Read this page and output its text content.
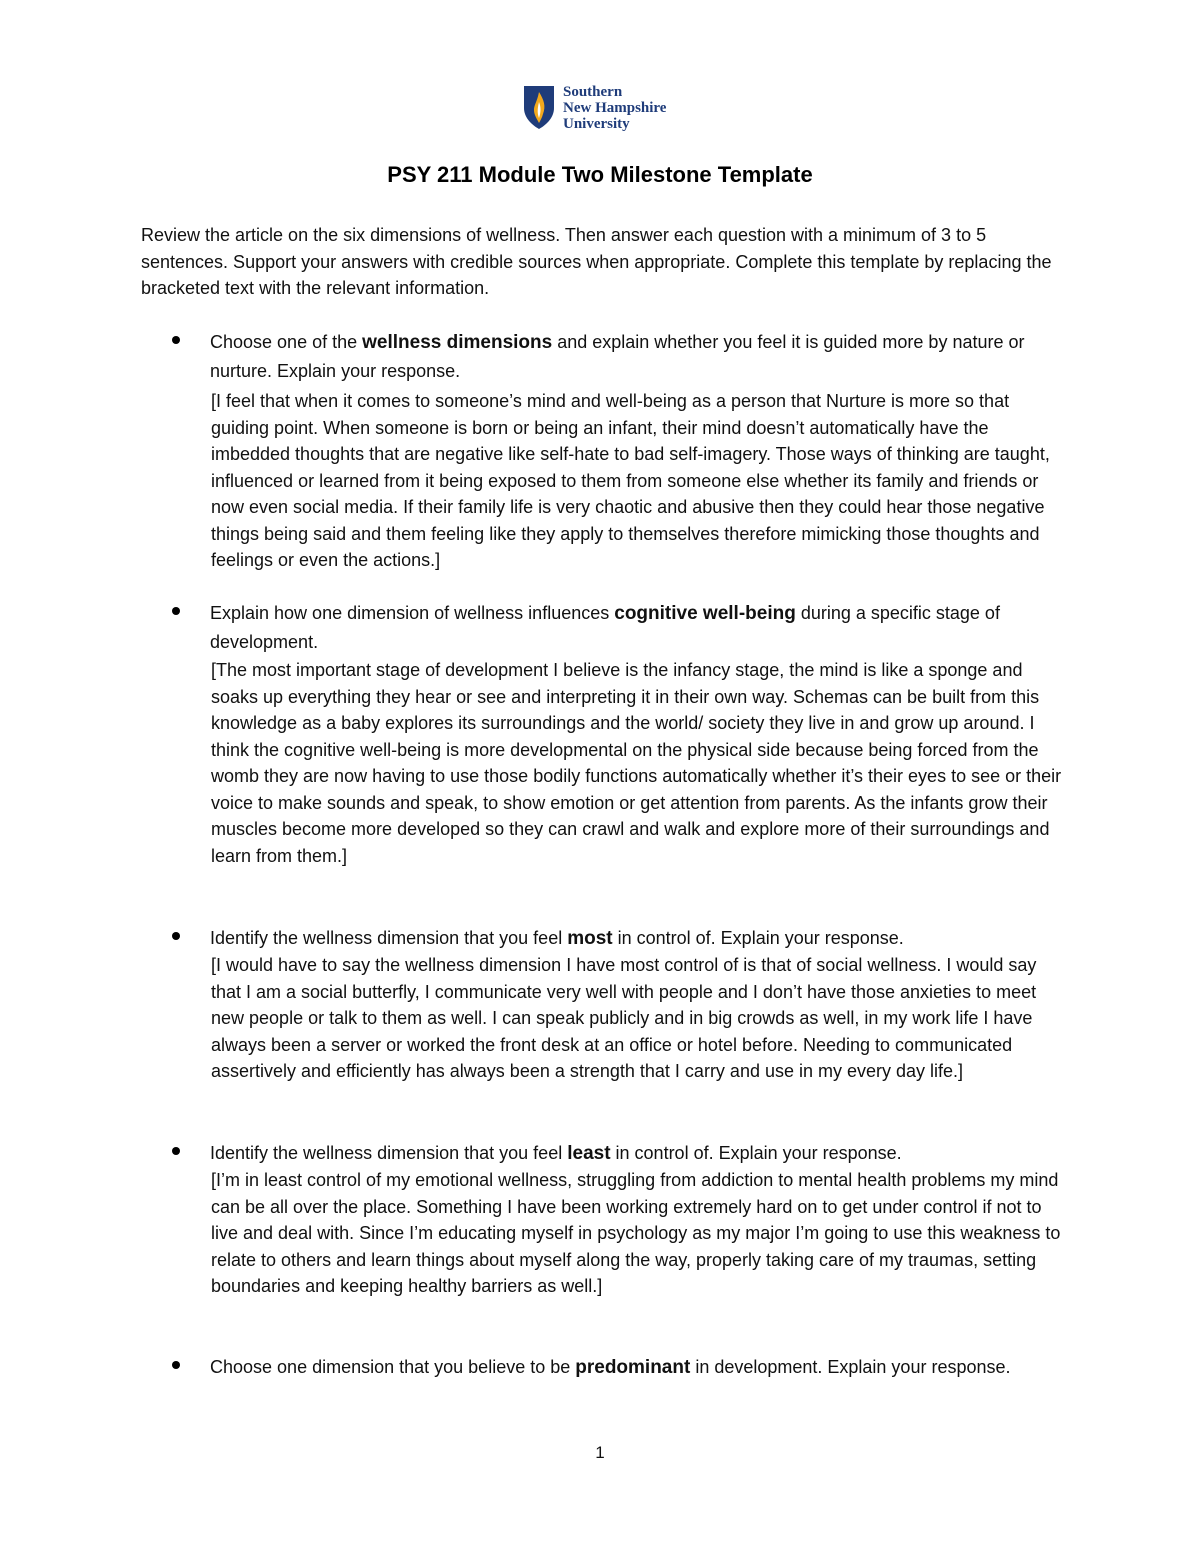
Southern
New Hampshire
University
PSY 211 Module Two Milestone Template

Review the article on the six dimensions of wellness. Then answer each question with a minimum of 3 to 5 sentences. Support your answers with credible sources when appropriate. Complete this template by replacing the bracketed text with the relevant information.

Choose one of the wellness dimensions and explain whether you feel it is guided more by nature or nurture. Explain your response.

[I feel that when it comes to someone’s mind and well-being as a person that Nurture is more so that guiding point. When someone is born or being an infant, their mind doesn’t automatically have the imbedded thoughts that are negative like self-hate to bad self-imagery. Those ways of thinking are taught, influenced or learned from it being exposed to them from someone else whether its family and friends or now even social media. If their family life is very chaotic and abusive then they could hear those negative things being said and them feeling like they apply to themselves therefore mimicking those thoughts and feelings or even the actions.]

Explain how one dimension of wellness influences cognitive well-being during a specific stage of development.

[The most important stage of development I believe is the infancy stage, the mind is like a sponge and soaks up everything they hear or see and interpreting it in their own way. Schemas can be built from this knowledge as a baby explores its surroundings and the world/ society they live in and grow up around. I think the cognitive well-being is more developmental on the physical side because being forced from the womb they are now having to use those bodily functions automatically whether it’s their eyes to see or their voice to make sounds and speak, to show emotion or get attention from parents. As the infants grow their muscles become more developed so they can crawl and walk and explore more of their surroundings and learn from them.]

Identify the wellness dimension that you feel most in control of. Explain your response.

[I would have to say the wellness dimension I have most control of is that of social wellness. I would say that I am a social butterfly, I communicate very well with people and I don’t have those anxieties to meet new people or talk to them as well. I can speak publicly and in big crowds as well, in my work life I have always been a server or worked the front desk at an office or hotel before. Needing to communicated assertively and efficiently has always been a strength that I carry and use in my every day life.]

Identify the wellness dimension that you feel least in control of. Explain your response.

[I’m in least control of my emotional wellness, struggling from addiction to mental health problems my mind can be all over the place. Something I have been working extremely hard on to get under control if not to live and deal with. Since I’m educating myself in psychology as my major I’m going to use this weakness to relate to others and learn things about myself along the way, properly taking care of my traumas, setting boundaries and keeping healthy barriers as well.]

Choose one dimension that you believe to be predominant in development. Explain your response.

1
